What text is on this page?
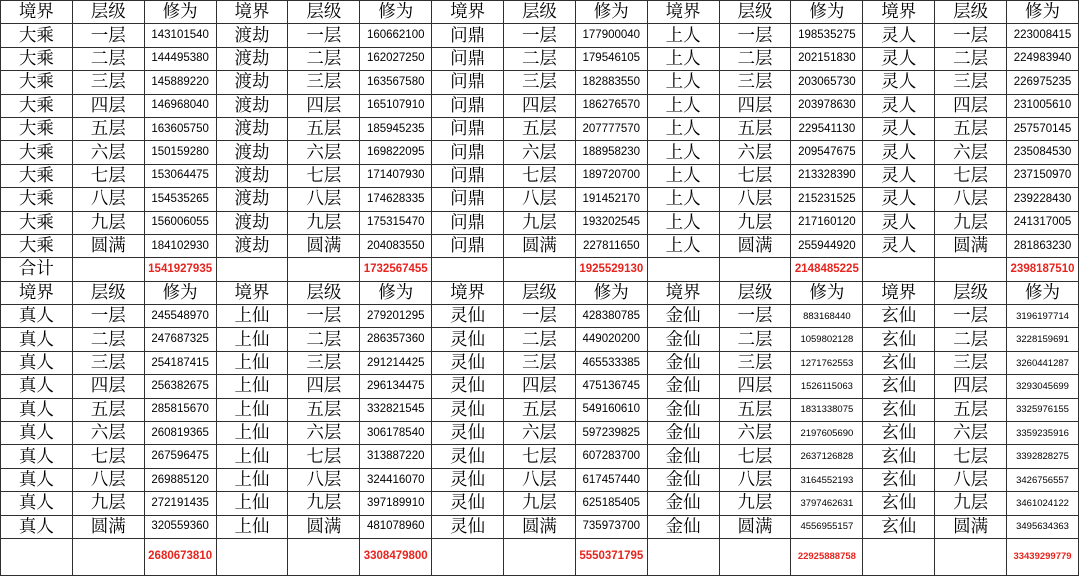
境界	层级	修为	境界	层级	修为	境界	层级	修为	境界	层级	修为	境界	层级	修为
大乘	一层	143101540	渡劫	一层	160662100	问鼎	一层	177900040	上人	一层	198535275	灵人	一层	223008415
大乘	二层	144495380	渡劫	二层	162027250	问鼎	二层	179546105	上人	二层	202151830	灵人	二层	224983940
大乘	三层	145889220	渡劫	三层	163567580	问鼎	三层	182883550	上人	三层	203065730	灵人	三层	226975235
大乘	四层	146968040	渡劫	四层	165107910	问鼎	四层	186276570	上人	四层	203978630	灵人	四层	231005610
大乘	五层	163605750	渡劫	五层	185945235	问鼎	五层	207777570	上人	五层	229541130	灵人	五层	257570145
大乘	六层	150159280	渡劫	六层	169822095	问鼎	六层	188958230	上人	六层	209547675	灵人	六层	235084530
大乘	七层	153064475	渡劫	七层	171407930	问鼎	七层	189720700	上人	七层	213328390	灵人	七层	237150970
大乘	八层	154535265	渡劫	八层	174628335	问鼎	八层	191452170	上人	八层	215231525	灵人	八层	239228430
大乘	九层	156006055	渡劫	九层	175315470	问鼎	九层	193202545	上人	九层	217160120	灵人	九层	241317005
大乘	圆满	184102930	渡劫	圆满	204083550	问鼎	圆满	227811650	上人	圆满	255944920	灵人	圆满	281863230
合计		1541927935			1732567455			1925529130			2148485225			2398187510
境界	层级	修为	境界	层级	修为	境界	层级	修为	境界	层级	修为	境界	层级	修为
真人	一层	245548970	上仙	一层	279201295	灵仙	一层	428380785	金仙	一层	883168440	玄仙	一层	3196197714
真人	二层	247687325	上仙	二层	286357360	灵仙	二层	449020200	金仙	二层	1059802128	玄仙	二层	3228159691
真人	三层	254187415	上仙	三层	291214425	灵仙	三层	465533385	金仙	三层	1271762553	玄仙	三层	3260441287
真人	四层	256382675	上仙	四层	296134475	灵仙	四层	475136745	金仙	四层	1526115063	玄仙	四层	3293045699
真人	五层	285815670	上仙	五层	332821545	灵仙	五层	549160610	金仙	五层	1831338075	玄仙	五层	3325976155
真人	六层	260819365	上仙	六层	306178540	灵仙	六层	597239825	金仙	六层	2197605690	玄仙	六层	3359235916
真人	七层	267596475	上仙	七层	313887220	灵仙	七层	607283700	金仙	七层	2637126828	玄仙	七层	3392828275
真人	八层	269885120	上仙	八层	324416070	灵仙	八层	617457440	金仙	八层	3164552193	玄仙	八层	3426756557
真人	九层	272191435	上仙	九层	397189910	灵仙	九层	625185405	金仙	九层	3797462631	玄仙	九层	3461024122
真人	圆满	320559360	上仙	圆满	481078960	灵仙	圆满	735973700	金仙	圆满	4556955157	玄仙	圆满	3495634363
		2680673810			3308479800			5550371795			22925888758			33439299779
